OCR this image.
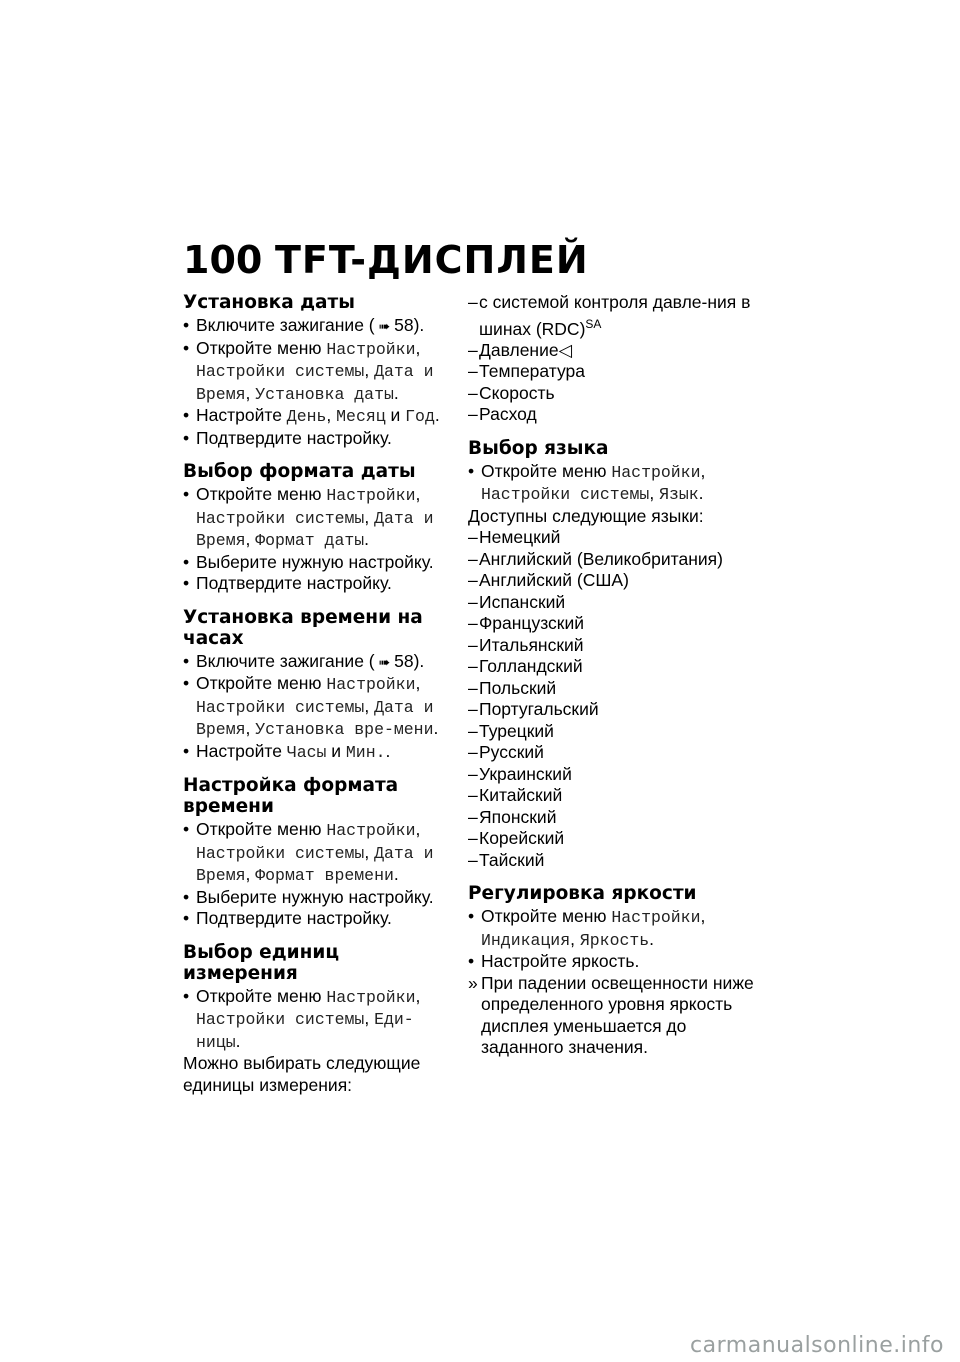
100 TFT-ДИСПЛЕЙ
Установка даты
• Включите зажигание ( ➠ 58).
• Откройте меню Настройки, Настройки системы, Дата и Время, Установка даты.
• Настройте День, Месяц и Год.
• Подтвердите настройку.
Выбор формата даты
• Откройте меню Настройки, Настройки системы, Дата и Время, Формат даты.
• Выберите нужную настройку.
• Подтвердите настройку.
Установка времени на часах
• Включите зажигание ( ➠ 58).
• Откройте меню Настройки, Настройки системы, Дата и Время, Установка вре-мени.
• Настройте Часы и Мин..
Настройка формата времени
• Откройте меню Настройки, Настройки системы, Дата и Время, Формат времени.
• Выберите нужную настройку.
• Подтвердите настройку.
Выбор единиц измерения
• Откройте меню Настройки, Настройки системы, Еди-ницы.
Можно выбирать следующие единицы измерения:
– с системой контроля давле-ния в шинах (RDC)$^{SA}$
– Давление◁
– Температура
– Скорость
– Расход
Выбор языка
• Откройте меню Настройки, Настройки системы, Язык.
Доступны следующие языки:
– Немецкий
– Английский (Великобритания)
– Английский (США)
– Испанский
– Французский
– Итальянский
– Голландский
– Польский
– Португальский
– Турецкий
– Русский
– Украинский
– Китайский
– Японский
– Корейский
– Тайский
Регулировка яркости
• Откройте меню Настройки, Индикация, Яркость.
• Настройте яркость.
» При падении освещенности ниже определенного уровня яркость дисплея уменьшается до заданного значения.
carmanualsonline.info
